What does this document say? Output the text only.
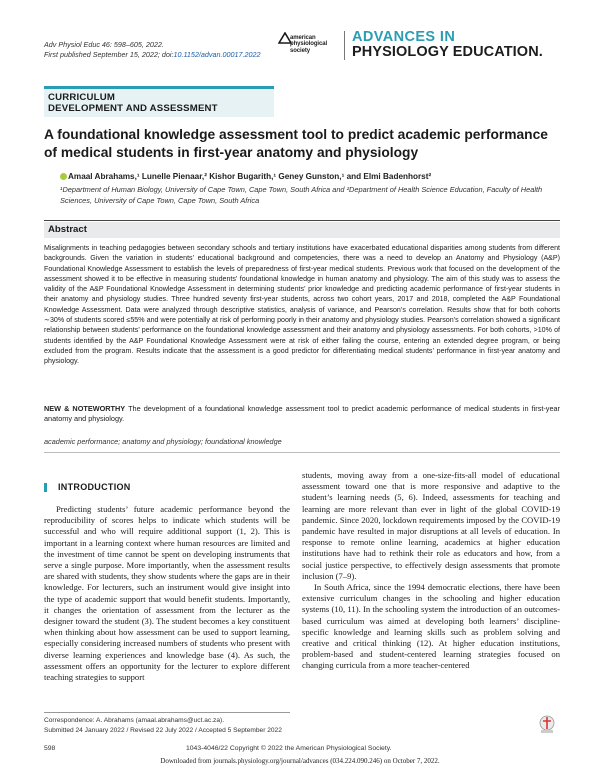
Adv Physiol Educ 46: 598–605, 2022.
First published September 15, 2022; doi:10.1152/advan.00017.2022
american physiological society
ADVANCES IN
PHYSIOLOGY EDUCATION.
CURRICULUM
DEVELOPMENT AND ASSESSMENT
A foundational knowledge assessment tool to predict academic performance of medical students in first-year anatomy and physiology
Amaal Abrahams,¹ Lunelle Pienaar,² Kishor Bugarith,¹ Geney Gunston,¹ and Elmi Badenhorst²
¹Department of Human Biology, University of Cape Town, Cape Town, South Africa and ²Department of Health Science Education, Faculty of Health Sciences, University of Cape Town, Cape Town, South Africa
Abstract

Misalignments in teaching pedagogies between secondary schools and tertiary institutions have exacerbated educational disparities among students from different backgrounds. Given the variation in students’ educational background and competencies, there was a need to develop an Anatomy and Physiology (A&P) Foundational Knowledge Assessment to establish the levels of preparedness of first-year medical students. Previous work that focused on the development of the assessment showed it to be effective in measuring students’ foundational knowledge in human anatomy and physiology. The aim of this study was to assess the validity of the A&P Foundational Knowledge Assessment in determining students’ prior knowledge and predicting academic performance of first-year students in their anatomy and physiology studies. Three hundred seventy first-year students, across two cohort years, 2017 and 2018, completed the A&P Foundational Knowledge Assessment. Data were analyzed through descriptive statistics, analysis of variance, and Pearson’s correlation. Results show that for both cohorts ∼30% of students scored ≤55% and were potentially at risk of performing poorly in their anatomy and physiology studies. Pearson’s correlation showed a significant relationship between students’ performance on the foundational knowledge assessment and their anatomy and physiology assessments. For both cohorts, >10% of students identified by the A&P Foundational Knowledge Assessment were at risk of either failing the course, entering an extended degree program, or being excluded from the program. Results indicate that the assessment is a good predictor for differentiating medical students’ performance in first-year anatomy and physiology.

NEW & NOTEWORTHY The development of a foundational knowledge assessment tool to predict academic performance of medical students in first-year anatomy and physiology.

academic performance; anatomy and physiology; foundational knowledge
INTRODUCTION

Predicting students’ future academic performance beyond the reproducibility of scores helps to indicate which students will be successful and who will require additional support (1, 2). This is important in a learning context where human resources are limited and the investment of time cannot be spent on developing instruments that serve a single purpose. More importantly, when the assessment results are shared with students, they show students where the gaps are in their knowledge. For lecturers, such an instrument would give insight into the type of academic support that would benefit students. Importantly, it changes the orientation of assessment from the lecturer as the designer toward the student (3). The student becomes a key constituent when thinking about how assessment can be used to support learning, especially considering increased numbers of students who present with diverse learning experiences and knowledge base (4). As such, the assessment offers an opportunity for the lecturer to explore different teaching strategies to support

students, moving away from a one-size-fits-all model of educational assessment toward one that is more responsive and adaptive to the student’s learning needs (5, 6). Indeed, assessments for teaching and learning are more relevant than ever in light of the global COVID-19 pandemic. Since 2020, lockdown requirements imposed by the COVID-19 pandemic have resulted in major disruptions at all levels of education. In response to remote online learning, academics at higher education institutions have had to rethink their role as educators and how, from a social justice perspective, to effectively design assessments that promote inclusion (7–9).

In South Africa, since the 1994 democratic elections, there have been extensive curriculum changes in the schooling and higher education systems (10, 11). In the schooling system the introduction of an outcomes-based curriculum was aimed at developing both learners’ discipline-specific knowledge and learning skills such as problem solving and creative and critical thinking (12). At higher education institutions, problem-based and student-centered learning strategies focused on changing curricula from a more teacher-centered

Correspondence: A. Abrahams (amaal.abrahams@uct.ac.za).
Submitted 24 January 2022 / Revised 22 July 2022 / Accepted 5 September 2022
598	1043-4046/22 Copyright © 2022 the American Physiological Society.
Downloaded from journals.physiology.org/journal/advances (034.224.090.246) on October 7, 2022.
